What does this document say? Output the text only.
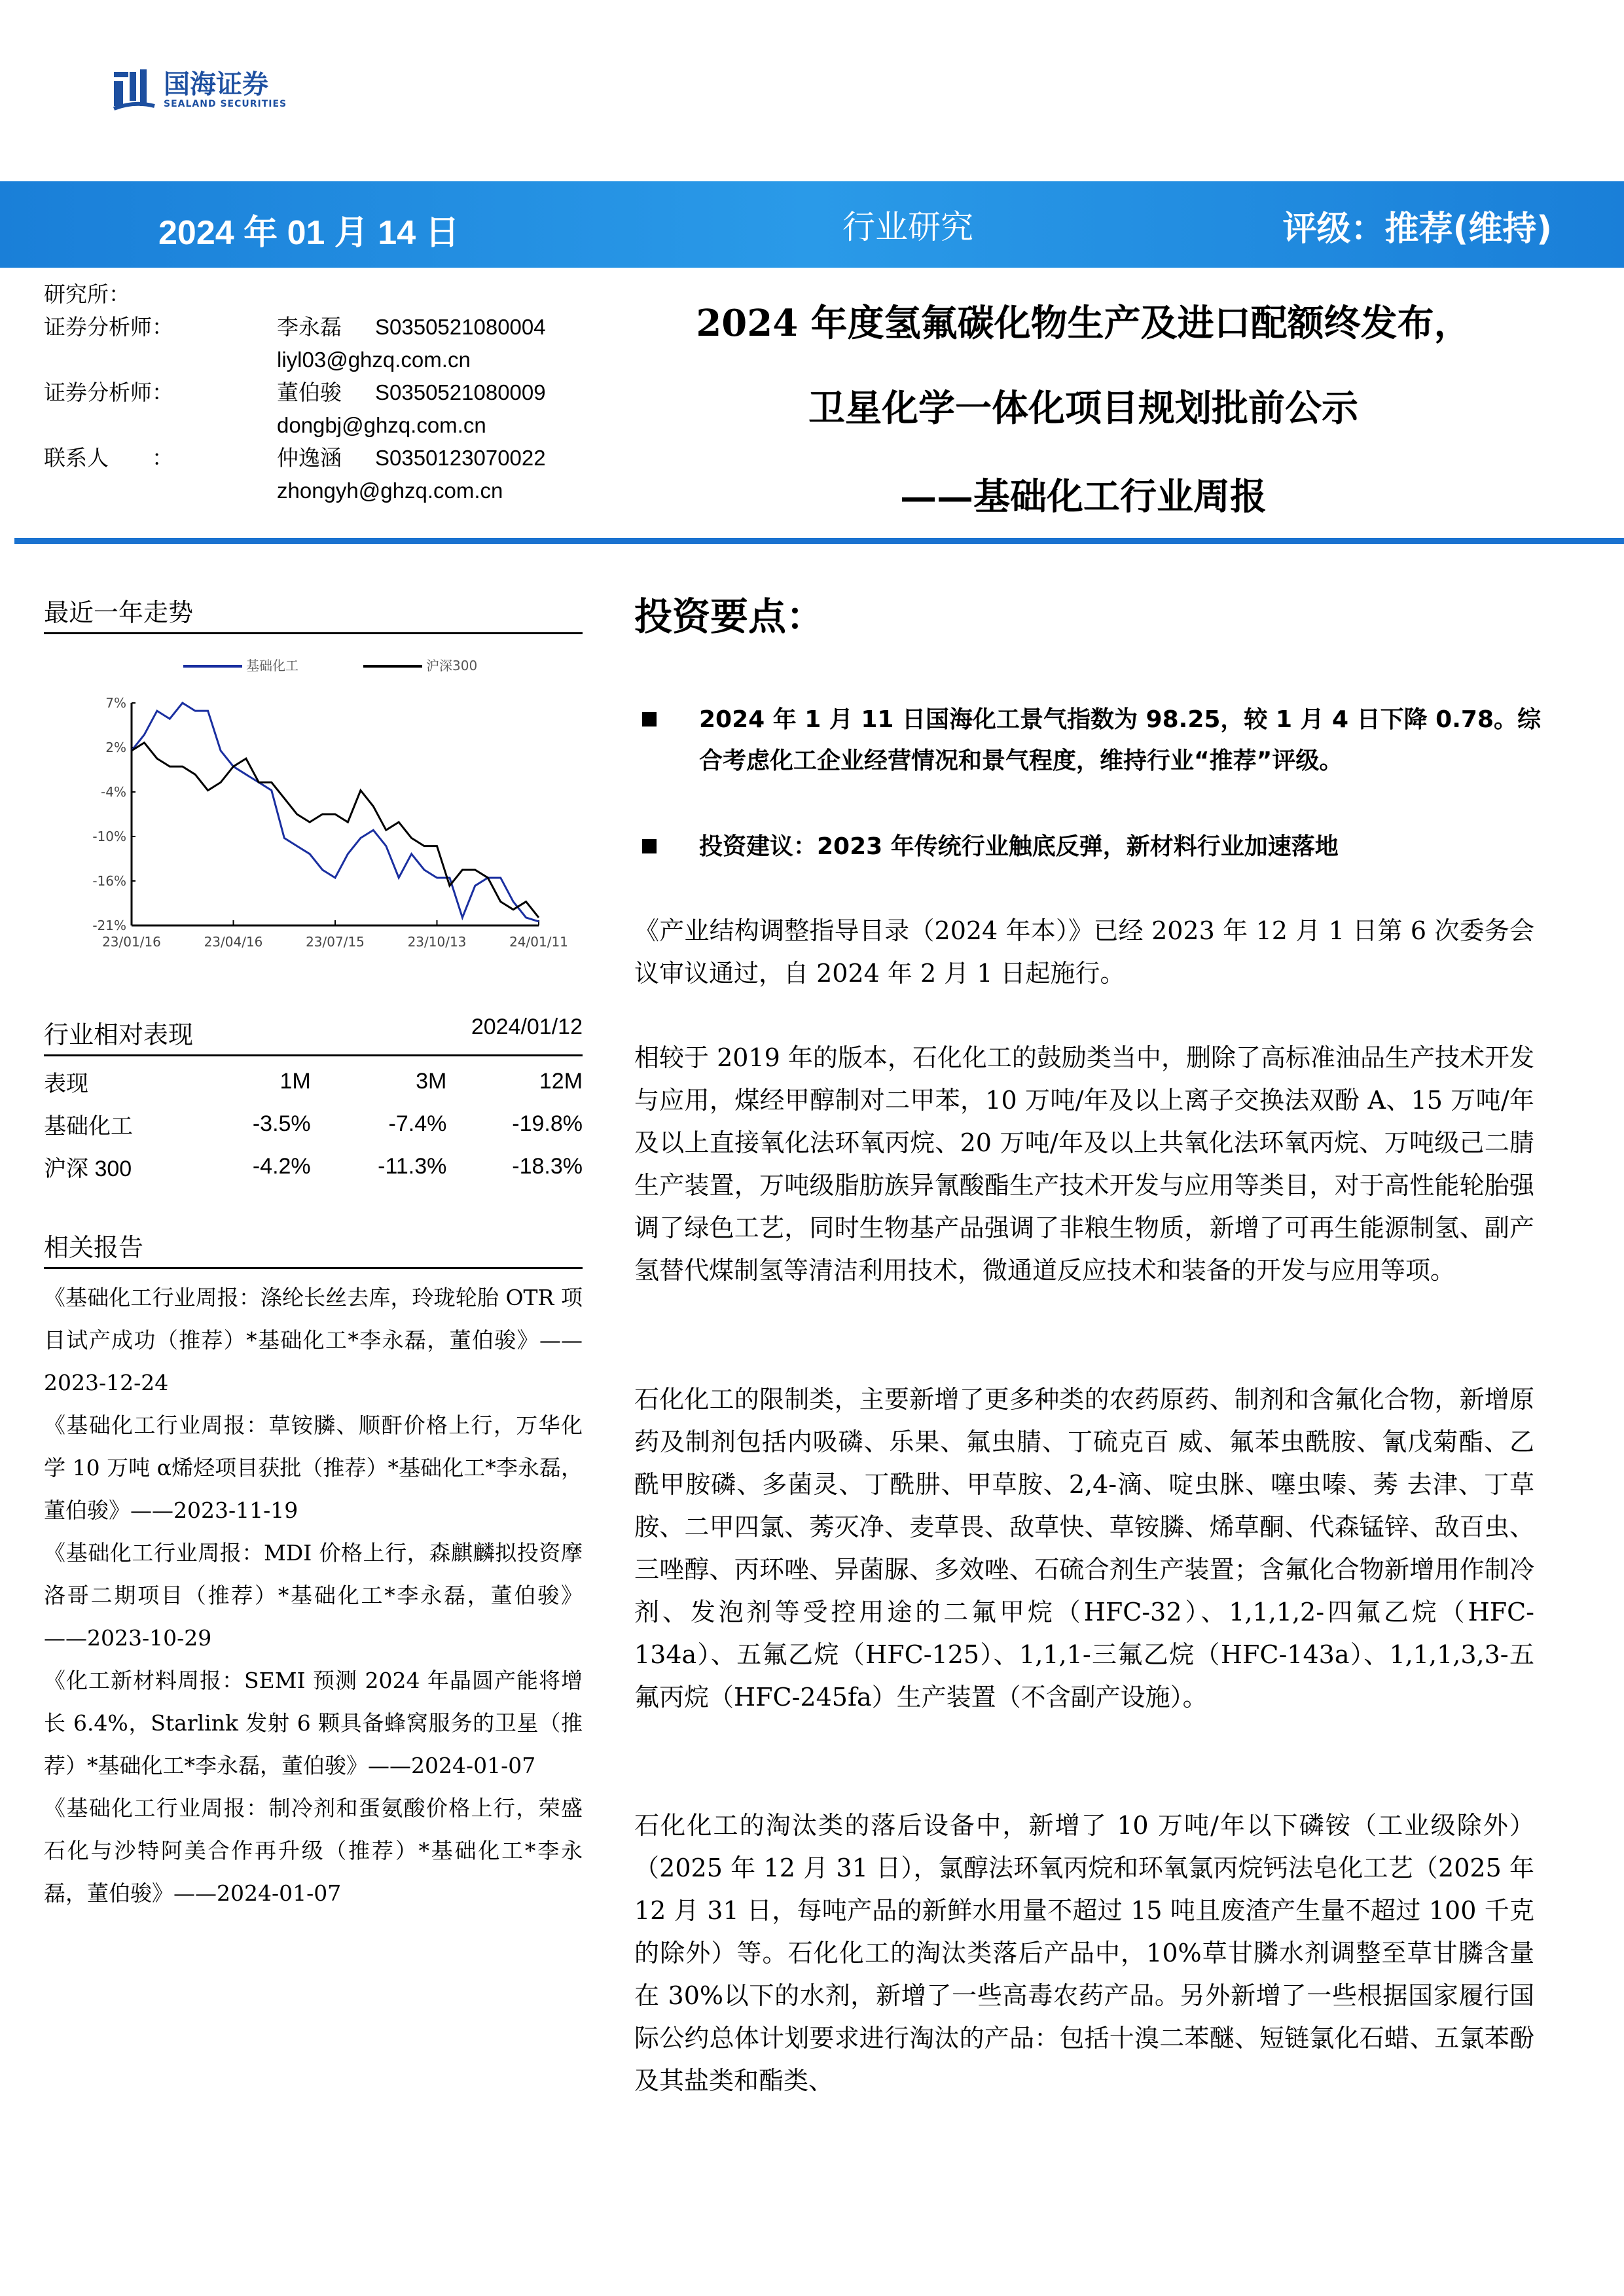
国海证券
SEALAND SECURITIES
2024 年 01 月 14 日	行业研究	评级：推荐(维持)
研究所：
证券分析师：	李永磊	S0350521080004
liyl03@ghzq.com.cn
证券分析师：	董伯骏	S0350521080009
dongbj@ghzq.com.cn
联系人　　：	仲逸涵	S0350123070022
zhongyh@ghzq.com.cn
2024 年度氢氟碳化物生产及进口配额终发布，
卫星化学一体化项目规划批前公示
——基础化工行业周报
最近一年走势
基础化工	沪深300
7%
2%
-4%
-10%
-16%
-21%
23/01/16	23/04/16	23/07/15	23/10/13	24/01/11
行业相对表现	2024/01/12
表现	1M	3M	12M
基础化工	-3.5%	-7.4%	-19.8%
沪深 300	-4.2%	-11.3%	-18.3%
相关报告

《基础化工行业周报：涤纶长丝去库，玲珑轮胎 OTR 项目试产成功（推荐）*基础化工*李永磊，董伯骏》——2023-12-24

《基础化工行业周报：草铵膦、顺酐价格上行，万华化学 10 万吨 α烯烃项目获批（推荐）*基础化工*李永磊，董伯骏》——2023-11-19

《基础化工行业周报：MDI 价格上行，森麒麟拟投资摩洛哥二期项目（推荐）*基础化工*李永磊，董伯骏》——2023-10-29

《化工新材料周报：SEMI 预测 2024 年晶圆产能将增长 6.4%，Starlink 发射 6 颗具备蜂窝服务的卫星（推荐）*基础化工*李永磊，董伯骏》——2024-01-07

《基础化工行业周报：制冷剂和蛋氨酸价格上行，荣盛石化与沙特阿美合作再升级（推荐）*基础化工*李永磊，董伯骏》——2024-01-07

投资要点：
2024 年 1 月 11 日国海化工景气指数为 98.25，较 1 月 4 日下降 0.78。综合考虑化工企业经营情况和景气程度，维持行业“推荐”评级。
投资建议：2023 年传统行业触底反弹，新材料行业加速落地
《产业结构调整指导目录（2024 年本）》已经 2023 年 12 月 1 日第 6 次委务会议审议通过，自 2024 年 2 月 1 日起施行。
相较于 2019 年的版本，石化化工的鼓励类当中，删除了高标准油品生产技术开发与应用，煤经甲醇制对二甲苯，10 万吨/年及以上离子交换法双酚 A、15 万吨/年及以上直接氧化法环氧丙烷、20 万吨/年及以上共氧化法环氧丙烷、万吨级己二腈生产装置，万吨级脂肪族异氰酸酯生产技术开发与应用等类目，对于高性能轮胎强调了绿色工艺，同时生物基产品强调了非粮生物质，新增了可再生能源制氢、副产氢替代煤制氢等清洁利用技术，微通道反应技术和装备的开发与应用等项。
石化化工的限制类，主要新增了更多种类的农药原药、制剂和含氟化合物，新增原药及制剂包括内吸磷、乐果、氟虫腈、丁硫克百 威、氟苯虫酰胺、氰戊菊酯、乙酰甲胺磷、多菌灵、丁酰肼、甲草胺、2,4-滴、啶虫脒、噻虫嗪、莠 去津、丁草胺、二甲四氯、莠灭净、麦草畏、敌草快、草铵膦、烯草酮、代森锰锌、敌百虫、三唑醇、丙环唑、异菌脲、多效唑、石硫合剂生产装置；含氟化合物新增用作制冷剂、发泡剂等受控用途的二氟甲烷（HFC-32）、1,1,1,2-四氟乙烷（HFC-134a）、五氟乙烷（HFC-125）、1,1,1-三氟乙烷（HFC-143a）、1,1,1,3,3-五氟丙烷（HFC-245fa）生产装置（不含副产设施）。
石化化工的淘汰类的落后设备中，新增了 10 万吨/年以下磷铵（工业级除外）（2025 年 12 月 31 日），氯醇法环氧丙烷和环氧氯丙烷钙法皂化工艺（2025 年 12 月 31 日，每吨产品的新鲜水用量不超过 15 吨且废渣产生量不超过 100 千克的除外）等。石化化工的淘汰类落后产品中，10%草甘膦水剂调整至草甘膦含量在 30%以下的水剂，新增了一些高毒农药产品。另外新增了一些根据国家履行国际公约总体计划要求进行淘汰的产品：包括十溴二苯醚、短链氯化石蜡、五氯苯酚及其盐类和酯类、
